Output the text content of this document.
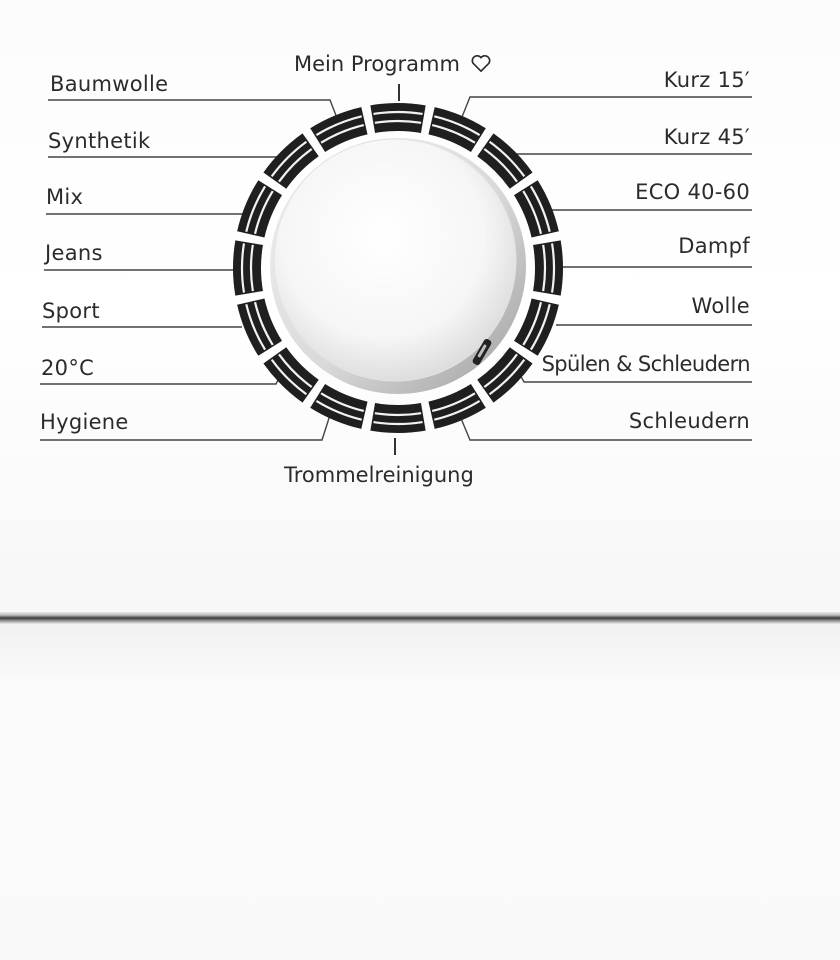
Mein Programm
Trommelreinigung
Baumwolle
Synthetik
Mix
Jeans
Sport
20°C
Hygiene
Kurz 15′
Kurz 45′
ECO 40-60
Dampf
Wolle
Spülen & Schleudern
Schleudern
